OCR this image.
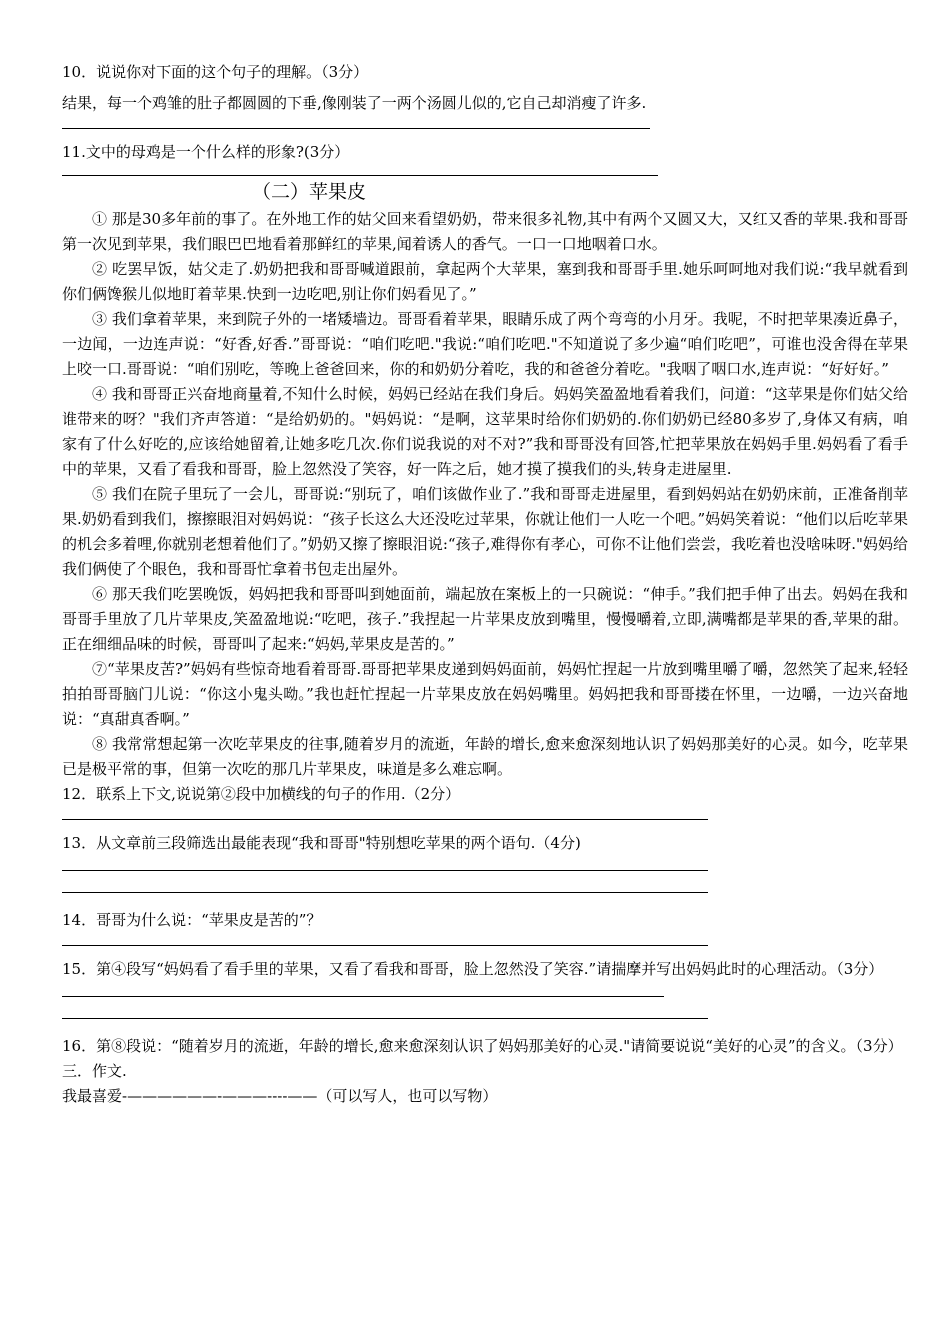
10．说说你对下面的这个句子的理解。（3分）
结果，每一个鸡雏的肚子都圆圆的下垂,像刚装了一两个汤圆儿似的,它自己却消瘦了许多.
11.文中的母鸡是一个什么样的形象?(3分）
（二）苹果皮
① 那是30多年前的事了。在外地工作的姑父回来看望奶奶，带来很多礼物,其中有两个又圆又大，又红又香的苹果.我和哥哥第一次见到苹果，我们眼巴巴地看着那鲜红的苹果,闻着诱人的香气。一口一口地咽着口水。
② 吃罢早饭，姑父走了.奶奶把我和哥哥喊道跟前，拿起两个大苹果，塞到我和哥哥手里.她乐呵呵地对我们说:“我早就看到你们俩馋猴儿似地盯着苹果.快到一边吃吧,别让你们妈看见了。”
③ 我们拿着苹果，来到院子外的一堵矮墙边。哥哥看着苹果，眼睛乐成了两个弯弯的小月牙。我呢，不时把苹果凑近鼻子，一边闻，一边连声说：“好香,好香.”哥哥说：“咱们吃吧."我说:“咱们吃吧."不知道说了多少遍“咱们吃吧”，可谁也没舍得在苹果上咬一口.哥哥说：“咱们别吃，等晚上爸爸回来，你的和奶奶分着吃，我的和爸爸分着吃。"我咽了咽口水,连声说：“好好好。”
④ 我和哥哥正兴奋地商量着,不知什么时候，妈妈已经站在我们身后。妈妈笑盈盈地看着我们，问道：“这苹果是你们姑父给谁带来的呀？"我们齐声答道：“是给奶奶的。"妈妈说：“是啊，这苹果时给你们奶奶的.你们奶奶已经80多岁了,身体又有病，咱家有了什么好吃的,应该给她留着,让她多吃几次.你们说我说的对不对?”我和哥哥没有回答,忙把苹果放在妈妈手里.妈妈看了看手中的苹果，又看了看我和哥哥，脸上忽然没了笑容，好一阵之后，她才摸了摸我们的头,转身走进屋里.
⑤ 我们在院子里玩了一会儿，哥哥说:“别玩了，咱们该做作业了.”我和哥哥走进屋里，看到妈妈站在奶奶床前，正准备削苹果.奶奶看到我们，擦擦眼泪对妈妈说：“孩子长这么大还没吃过苹果，你就让他们一人吃一个吧。”妈妈笑着说：“他们以后吃苹果的机会多着哩,你就别老想着他们了。”奶奶又擦了擦眼泪说:“孩子,难得你有孝心，可你不让他们尝尝，我吃着也没啥味呀."妈妈给我们俩使了个眼色，我和哥哥忙拿着书包走出屋外。
⑥ 那天我们吃罢晚饭，妈妈把我和哥哥叫到她面前，端起放在案板上的一只碗说：“伸手。”我们把手伸了出去。妈妈在我和哥哥手里放了几片苹果皮,笑盈盈地说:“吃吧，孩子.”我捏起一片苹果皮放到嘴里，慢慢嚼着,立即,满嘴都是苹果的香,苹果的甜。正在细细品味的时候，哥哥叫了起来:“妈妈,苹果皮是苦的。”
⑦“苹果皮苦?”妈妈有些惊奇地看着哥哥.哥哥把苹果皮递到妈妈面前，妈妈忙捏起一片放到嘴里嚼了嚼，忽然笑了起来,轻轻拍拍哥哥脑门儿说：“你这小鬼头呦。”我也赶忙捏起一片苹果皮放在妈妈嘴里。妈妈把我和哥哥搂在怀里，一边嚼，一边兴奋地说：“真甜真香啊。”
⑧ 我常常想起第一次吃苹果皮的往事,随着岁月的流逝，年龄的增长,愈来愈深刻地认识了妈妈那美好的心灵。如今，吃苹果已是极平常的事，但第一次吃的那几片苹果皮，味道是多么难忘啊。
12．联系上下文,说说第②段中加横线的句子的作用.（2分）
13．从文章前三段筛选出最能表现“我和哥哥"特别想吃苹果的两个语句.（4分)
14．哥哥为什么说：“苹果皮是苦的”？
15．第④段写“妈妈看了看手里的苹果，又看了看我和哥哥，脸上忽然没了笑容.”请揣摩并写出妈妈此时的心理活动。（3分）
16．第⑧段说：“随着岁月的流逝，年龄的增长,愈来愈深刻认识了妈妈那美好的心灵."请简要说说“美好的心灵”的含义。（3分）
三．作文.
我最喜爱-——————-———----——（可以写人，也可以写物）
